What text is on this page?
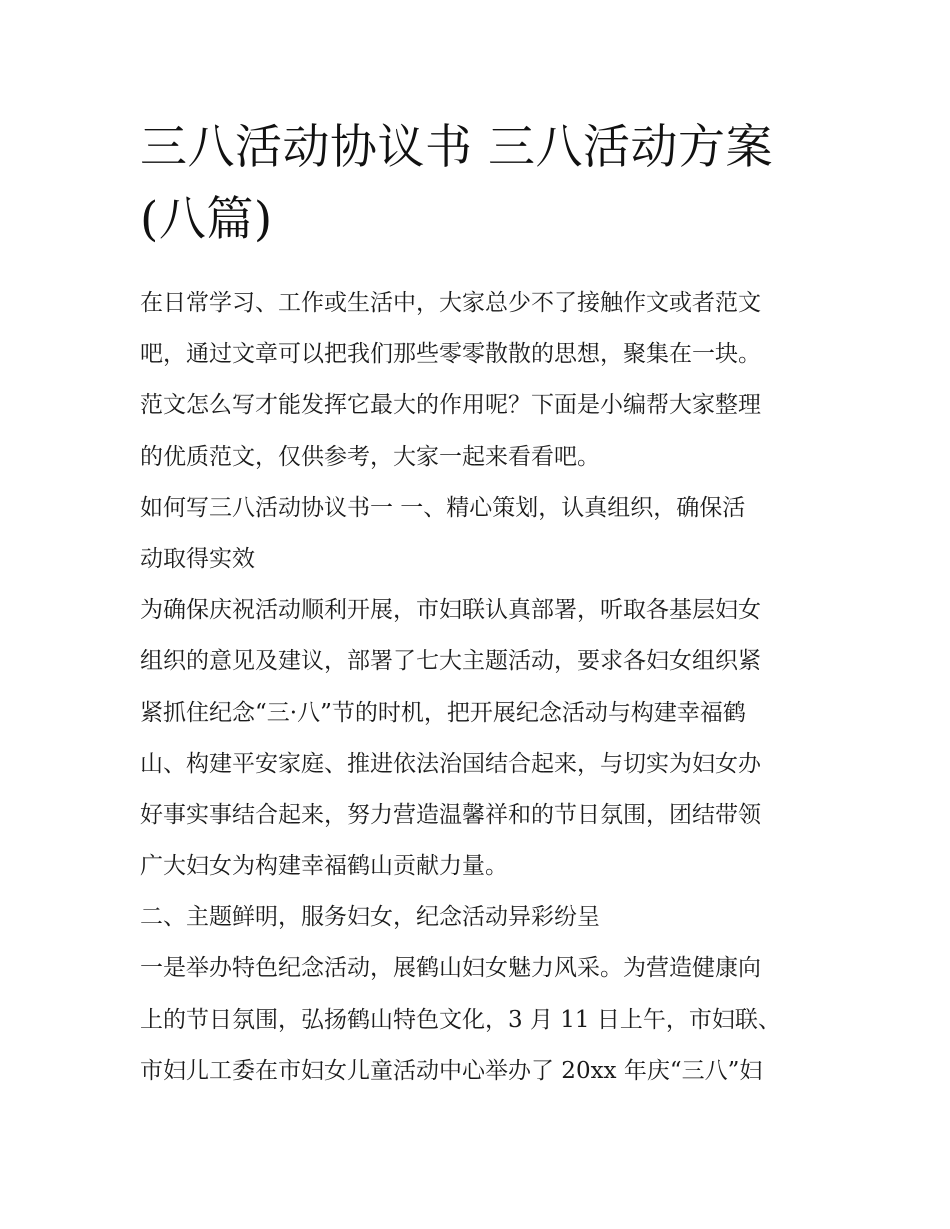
三八活动协议书 三八活动方案
(八篇)

在日常学习、工作或生活中，大家总少不了接触作文或者范文
吧，通过文章可以把我们那些零零散散的思想，聚集在一块。
范文怎么写才能发挥它最大的作用呢？下面是小编帮大家整理
的优质范文，仅供参考，大家一起来看看吧。

如何写三八活动协议书一 一、精心策划，认真组织，确保活
动取得实效

为确保庆祝活动顺利开展，市妇联认真部署，听取各基层妇女
组织的意见及建议，部署了七大主题活动，要求各妇女组织紧
紧抓住纪念“三·八”节的时机，把开展纪念活动与构建幸福鹤
山、构建平安家庭、推进依法治国结合起来，与切实为妇女办
好事实事结合起来，努力营造温馨祥和的节日氛围，团结带领
广大妇女为构建幸福鹤山贡献力量。

二、主题鲜明，服务妇女，纪念活动异彩纷呈

一是举办特色纪念活动，展鹤山妇女魅力风采。为营造健康向
上的节日氛围，弘扬鹤山特色文化，3 月 11 日上午，市妇联、
市妇儿工委在市妇女儿童活动中心举办了 20xx 年庆“三八”妇
